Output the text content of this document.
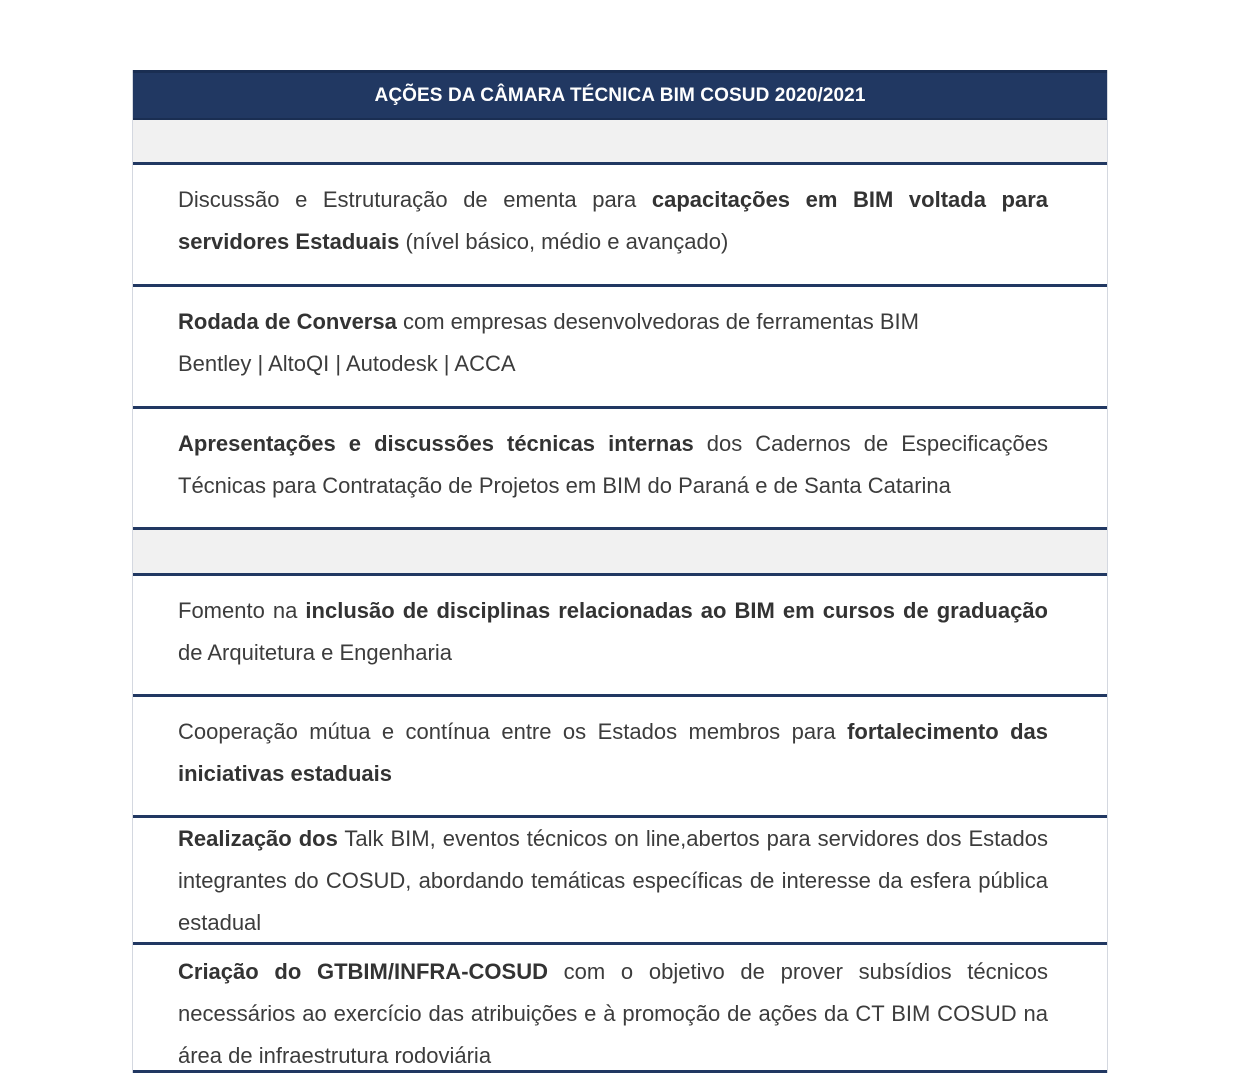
AÇÕES DA CÂMARA TÉCNICA BIM COSUD 2020/2021
Discussão e Estruturação de ementa para capacitações em BIM voltada para servidores Estaduais (nível básico, médio e avançado)
Rodada de Conversa com empresas desenvolvedoras de ferramentas BIM
Bentley | AltoQI | Autodesk | ACCA
Apresentações e discussões técnicas internas dos Cadernos de Especificações Técnicas para Contratação de Projetos em BIM do Paraná e de Santa Catarina
Fomento na inclusão de disciplinas relacionadas ao BIM em cursos de graduação de Arquitetura e Engenharia
Cooperação mútua e contínua entre os Estados membros para fortalecimento das iniciativas estaduais
Realização dos Talk BIM, eventos técnicos on line,abertos para servidores dos Estados integrantes do COSUD, abordando temáticas específicas de interesse da esfera pública estadual
Criação do GTBIM/INFRA-COSUD com o objetivo de prover subsídios técnicos necessários ao exercício das atribuições e à promoção de ações da CT BIM COSUD na área de infraestrutura rodoviária
